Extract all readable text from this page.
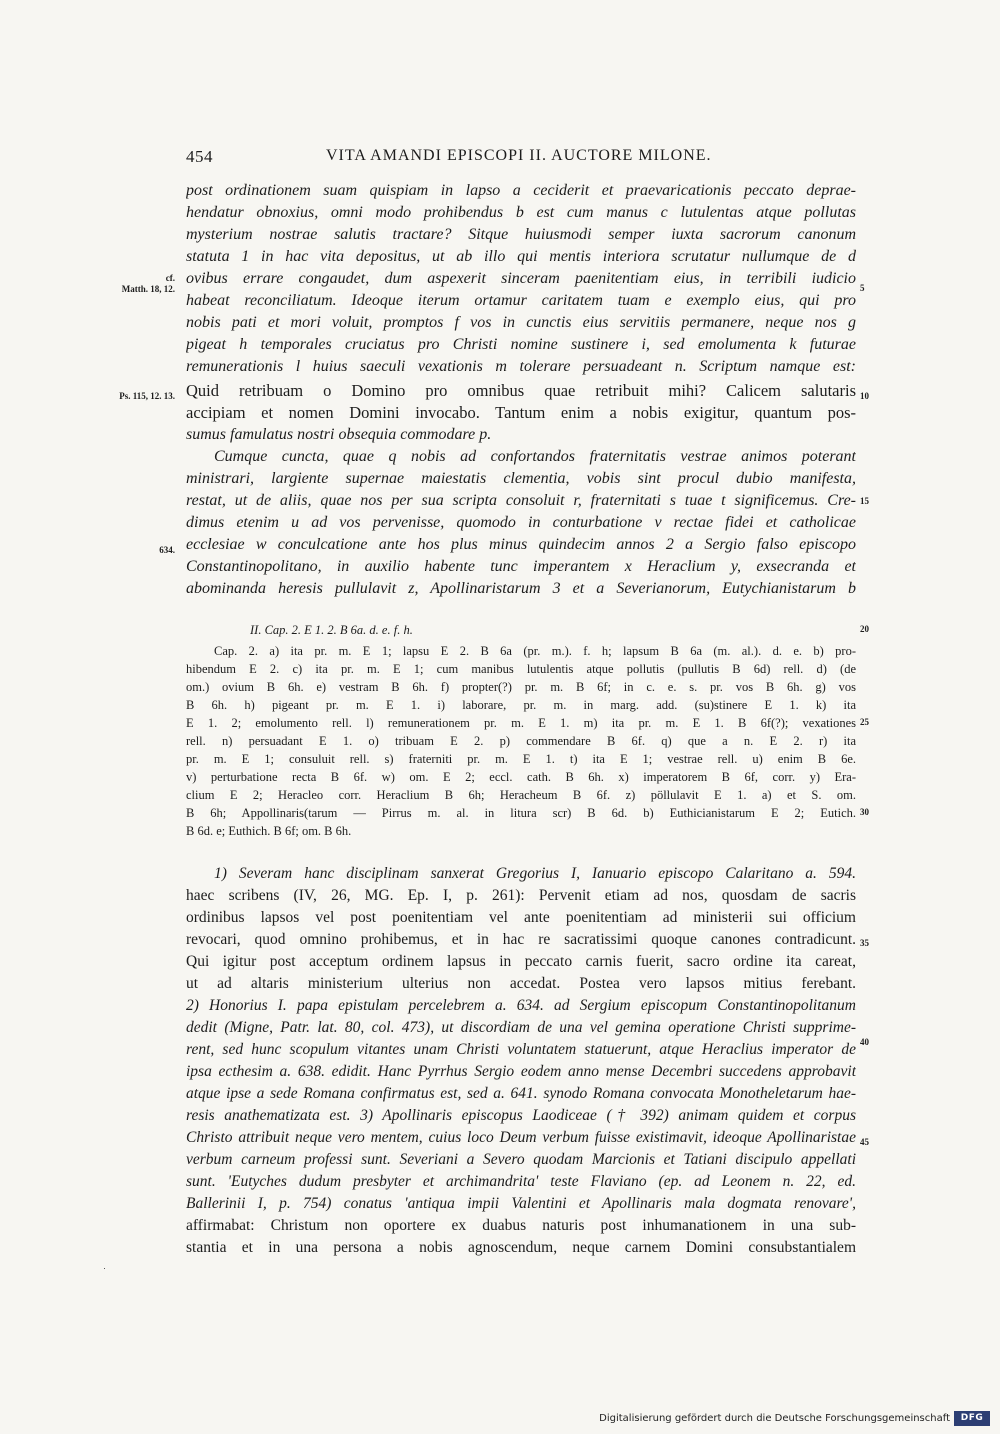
454	VITA AMANDI EPISCOPI II. AUCTORE MILONE.
cf.
Matth. 18, 12.
Ps. 115, 12. 13.
634.
5
10
15
20
25
30
35
40
45
post ordinationem suam quispiam in lapso a ceciderit et praevaricationis peccato deprae-
hendatur obnoxius, omni modo prohibendus b est cum manus c lutulentas atque pollutas
mysterium nostrae salutis tractare? Sitque huiusmodi semper iuxta sacrorum canonum
statuta 1 in hac vita depositus, ut ab illo qui mentis interiora scrutatur nullumque de d
ovibus errare congaudet, dum aspexerit sinceram paenitentiam eius, in terribili iudicio
habeat reconciliatum. Ideoque iterum ortamur caritatem tuam e exemplo eius, qui pro
nobis pati et mori voluit, promptos f vos in cunctis eius servitiis permanere, neque nos g
pigeat h temporales cruciatus pro Christi nomine sustinere i, sed emolumenta k futurae
remunerationis l huius saeculi vexationis m tolerare persuadeant n. Scriptum namque est:
Quid retribuam o Domino pro omnibus quae retribuit mihi? Calicem salutaris
accipiam et nomen Domini invocabo. Tantum enim a nobis exigitur, quantum pos-
sumus famulatus nostri obsequia commodare p.
Cumque cuncta, quae q nobis ad confortandos fraternitatis vestrae animos poterant
ministrari, largiente supernae maiestatis clementia, vobis sint procul dubio manifesta,
restat, ut de aliis, quae nos per sua scripta consoluit r, fraternitati s tuae t significemus. Cre-
dimus etenim u ad vos pervenisse, quomodo in conturbatione v rectae fidei et catholicae
ecclesiae w conculcatione ante hos plus minus quindecim annos 2 a Sergio falso episcopo
Constantinopolitano, in auxilio habente tunc imperantem x Heraclium y, exsecranda et
abominanda heresis pullulavit z, Apollinaristarum 3 et a Severianorum, Eutychianistarum b
II. Cap. 2. E 1. 2. B 6a. d. e. f. h.
Cap. 2. a) ita pr. m. E 1; lapsu E 2. B 6a (pr. m.). f. h; lapsum B 6a (m. al.). d. e. b) pro-
hibendum E 2. c) ita pr. m. E 1; cum manibus lutulentis atque pollutis (pullutis B 6d) rell. d) (de
om.) ovium B 6h. e) vestram B 6h. f) propter(?) pr. m. B 6f; in c. e. s. pr. vos B 6h. g) vos
B 6h. h) pigeant pr. m. E 1. i) laborare, pr. m. in marg. add. (su)stinere E 1. k) ita
E 1. 2; emolumento rell. l) remunerationem pr. m. E 1. m) ita pr. m. E 1. B 6f(?); vexationes
rell. n) persuadant E 1. o) tribuam E 2. p) commendare B 6f. q) que a n. E 2. r) ita
pr. m. E 1; consuluit rell. s) fraterniti pr. m. E 1. t) ita E 1; vestrae rell. u) enim B 6e.
v) perturbatione recta B 6f. w) om. E 2; eccl. cath. B 6h. x) imperatorem B 6f, corr. y) Era-
clium E 2; Heracleo corr. Heraclium B 6h; Heracheum B 6f. z) pöllulavit E 1. a) et S. om.
B 6h; Appollinaris(tarum — Pirrus m. al. in litura scr) B 6d. b) Euthicianistarum E 2; Eutich.
B 6d. e; Euthich. B 6f; om. B 6h.
1) Severam hanc disciplinam sanxerat Gregorius I, Ianuario episcopo Calaritano a. 594.
haec scribens (IV, 26, MG. Ep. I, p. 261): Pervenit etiam ad nos, quosdam de sacris
ordinibus lapsos vel post poenitentiam vel ante poenitentiam ad ministerii sui officium
revocari, quod omnino prohibemus, et in hac re sacratissimi quoque canones contradicunt.
Qui igitur post acceptum ordinem lapsus in peccato carnis fuerit, sacro ordine ita careat,
ut ad altaris ministerium ulterius non accedat. Postea vero lapsos mitius ferebant.
2) Honorius I. papa epistulam percelebrem a. 634. ad Sergium episcopum Constantinopolitanum
dedit (Migne, Patr. lat. 80, col. 473), ut discordiam de una vel gemina operatione Christi supprime-
rent, sed hunc scopulum vitantes unam Christi voluntatem statuerunt, atque Heraclius imperator de
ipsa ecthesim a. 638. edidit. Hanc Pyrrhus Sergio eodem anno mense Decembri succedens approbavit
atque ipse a sede Romana confirmatus est, sed a. 641. synodo Romana convocata Monotheletarum hae-
resis anathematizata est. 3) Apollinaris episcopus Laodiceae († 392) animam quidem et corpus
Christo attribuit neque vero mentem, cuius loco Deum verbum fuisse existimavit, ideoque Apollinaristae
verbum carneum professi sunt. Severiani a Severo quodam Marcionis et Tatiani discipulo appellati
sunt. 'Eutyches dudum presbyter et archimandrita' teste Flaviano (ep. ad Leonem n. 22, ed.
Ballerinii I, p. 754) conatus 'antiqua impii Valentini et Apollinaris mala dogmata renovare',
affirmabat: Christum non oportere ex duabus naturis post inhumanationem in una sub-
stantia et in una persona a nobis agnoscendum, neque carnem Domini consubstantialem
Digitalisierung gefördert durch die Deutsche Forschungsgemeinschaft	DFG
